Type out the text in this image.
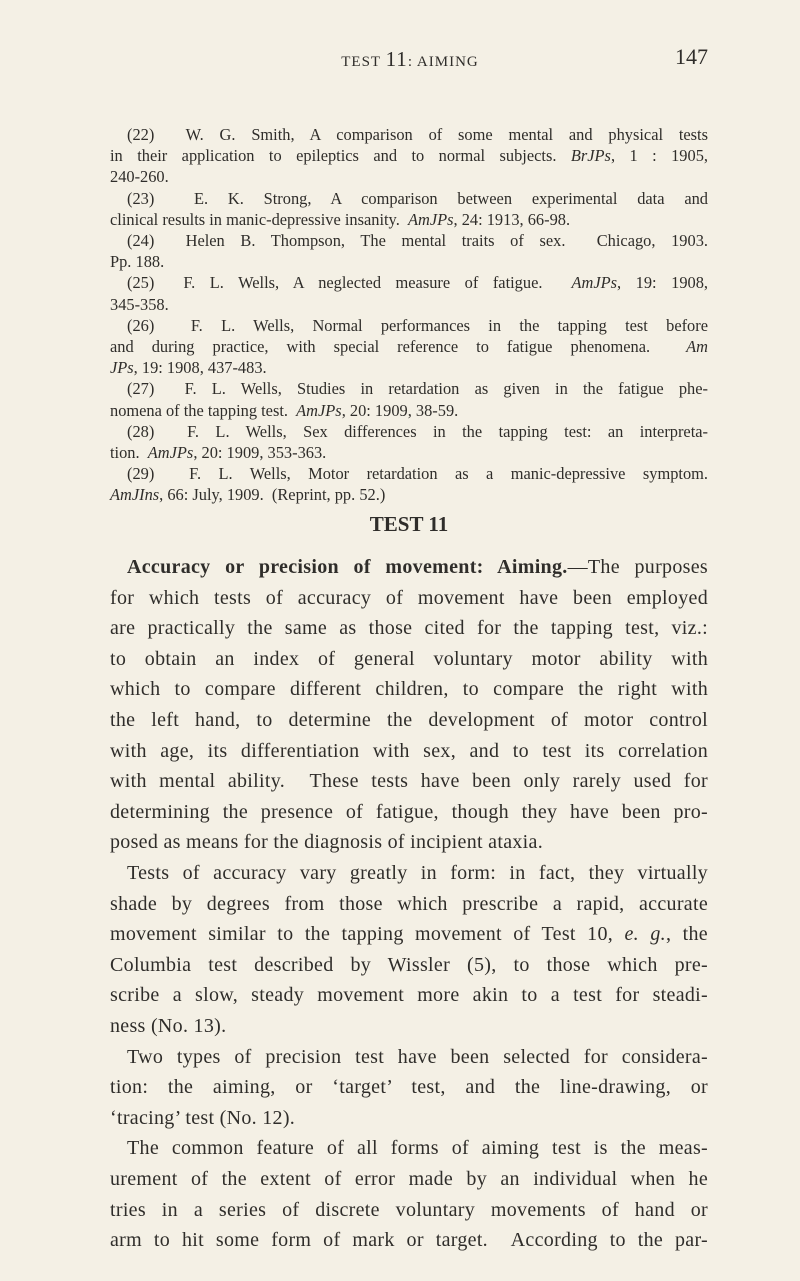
TEST 11: AIMING	147
(22)  W. G. Smith, A comparison of some mental and physical tests
in their application to epileptics and to normal subjects. BrJPs, 1 : 1905,
240-260.
(23)  E. K. Strong, A comparison between experimental data and
clinical results in manic-depressive insanity.  AmJPs, 24: 1913, 66-98.
(24)  Helen B. Thompson, The mental traits of sex.  Chicago, 1903.
Pp. 188.
(25)  F. L. Wells, A neglected measure of fatigue.  AmJPs, 19: 1908,
345-358.
(26)  F. L. Wells, Normal performances in the tapping test before
and during practice, with special reference to fatigue phenomena.  Am
JPs, 19: 1908, 437-483.
(27)  F. L. Wells, Studies in retardation as given in the fatigue phe-
nomena of the tapping test.  AmJPs, 20: 1909, 38-59.
(28)  F. L. Wells, Sex differences in the tapping test: an interpreta-
tion.  AmJPs, 20: 1909, 353-363.
(29)  F. L. Wells, Motor retardation as a manic-depressive symptom.
AmJIns, 66: July, 1909.  (Reprint, pp. 52.)
TEST 11
Accuracy or precision of movement: Aiming.—The purposes
for which tests of accuracy of movement have been employed
are practically the same as those cited for the tapping test, viz.:
to obtain an index of general voluntary motor ability with
which to compare different children, to compare the right with
the left hand, to determine the development of motor control
with age, its differentiation with sex, and to test its correlation
with mental ability.  These tests have been only rarely used for
determining the presence of fatigue, though they have been pro-
posed as means for the diagnosis of incipient ataxia.
Tests of accuracy vary greatly in form: in fact, they virtually
shade by degrees from those which prescribe a rapid, accurate
movement similar to the tapping movement of Test 10, e. g., the
Columbia test described by Wissler (5), to those which pre-
scribe a slow, steady movement more akin to a test for steadi-
ness (No. 13).
Two types of precision test have been selected for considera-
tion: the aiming, or ‘target’ test, and the line-drawing, or
‘tracing’ test (No. 12).
The common feature of all forms of aiming test is the meas-
urement of the extent of error made by an individual when he
tries in a series of discrete voluntary movements of hand or
arm to hit some form of mark or target.  According to the par-
